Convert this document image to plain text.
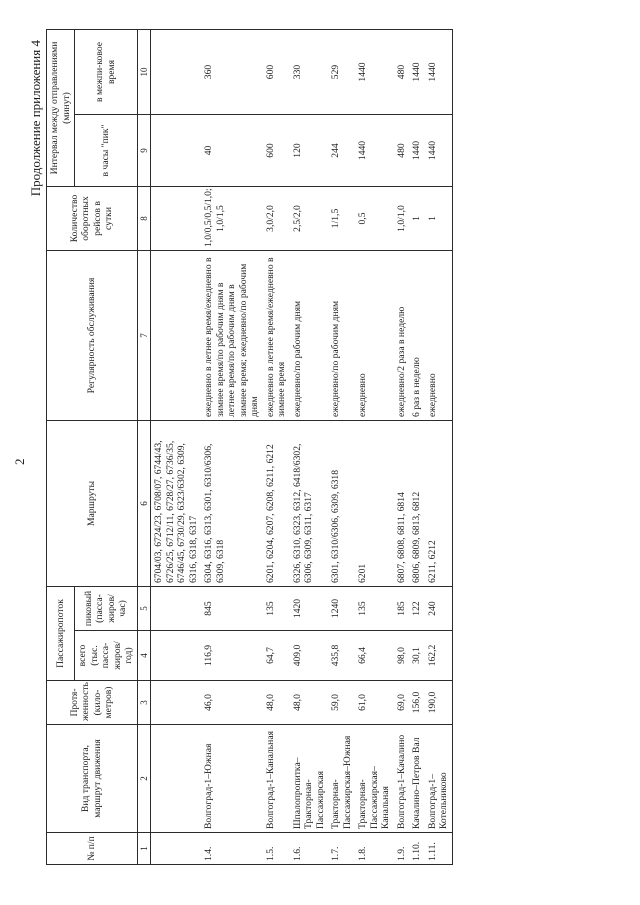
2
Продолжение приложения 4
№ п/п	Вид транспорта, маршрут движения	Протя-женность (кило-метров)	Пассажиропоток		Маршруты	Регулярность обслуживания	Количество оборотных рейсов в сутки	Интервал между отправлениями (минут)	
			всего (тыс. пасса-жиров/год)	пиковый (пасса-жиров/час)				в часы "пик"	в межпи-ковое время
1	2	3	4	5	6	7	8	9	10
					6704/03, 6724/23, 6708/07, 6744/43, 6726/25, 6712/11, 6728/27, 6736/35, 6746/45, 6730/29, 6323/6302, 6309, 6316, 6318, 6317				
1.4.	Волгоград-1–Южная	46,0	116,9	845	6304, 6316, 6313, 6301, 6310/6306, 6309, 6318	ежедневно в летнее время/ежедневно в зимнее время/по рабочим дням в летнее время/по рабочим дням в зимнее время; ежедневно/по рабочим дням	1,0/0,5/0,5/1,0; 1,0/1,5	40	360
1.5.	Волгоград-1–Канальная	48,0	64,7	135	6201, 6204, 6207, 6208, 6211, 6212	ежедневно в летнее время/ежедневно в зимнее время	3,0/2,0	600	600
1.6.	Шпалопропитка–Тракторная-Пассажирская	48,0	409,0	1420	6326, 6310, 6323, 6312, 6418/6302, 6306, 6309, 6311, 6317	ежедневно/по рабочим дням	2,5/2,0	120	330
1.7.	Тракторная-Пассажирская–Южная	59,0	435,8	1240	6301, 6310/6306, 6309, 6318	ежедневно/по рабочим дням	1/1,5	244	529
1.8.	Тракторная-Пассажирская–Канальная	61,0	66,4	135	6201	ежедневно	0,5	1440	1440
1.9.	Волгоград-1–Качалино	69,0	98,0	185	6807, 6808, 6811, 6814	ежедневно/2 раза в неделю	1,0/1,0	480	480
1.10.	Качалино–Петров Вал	156,0	30,1	122	6806, 6809, 6813, 6812	6 раз в неделю	1	1440	1440
1.11.	Волгоград-1–Котельниково	190,0	162,2	240	6211, 6212	ежедневно	1	1440	1440
